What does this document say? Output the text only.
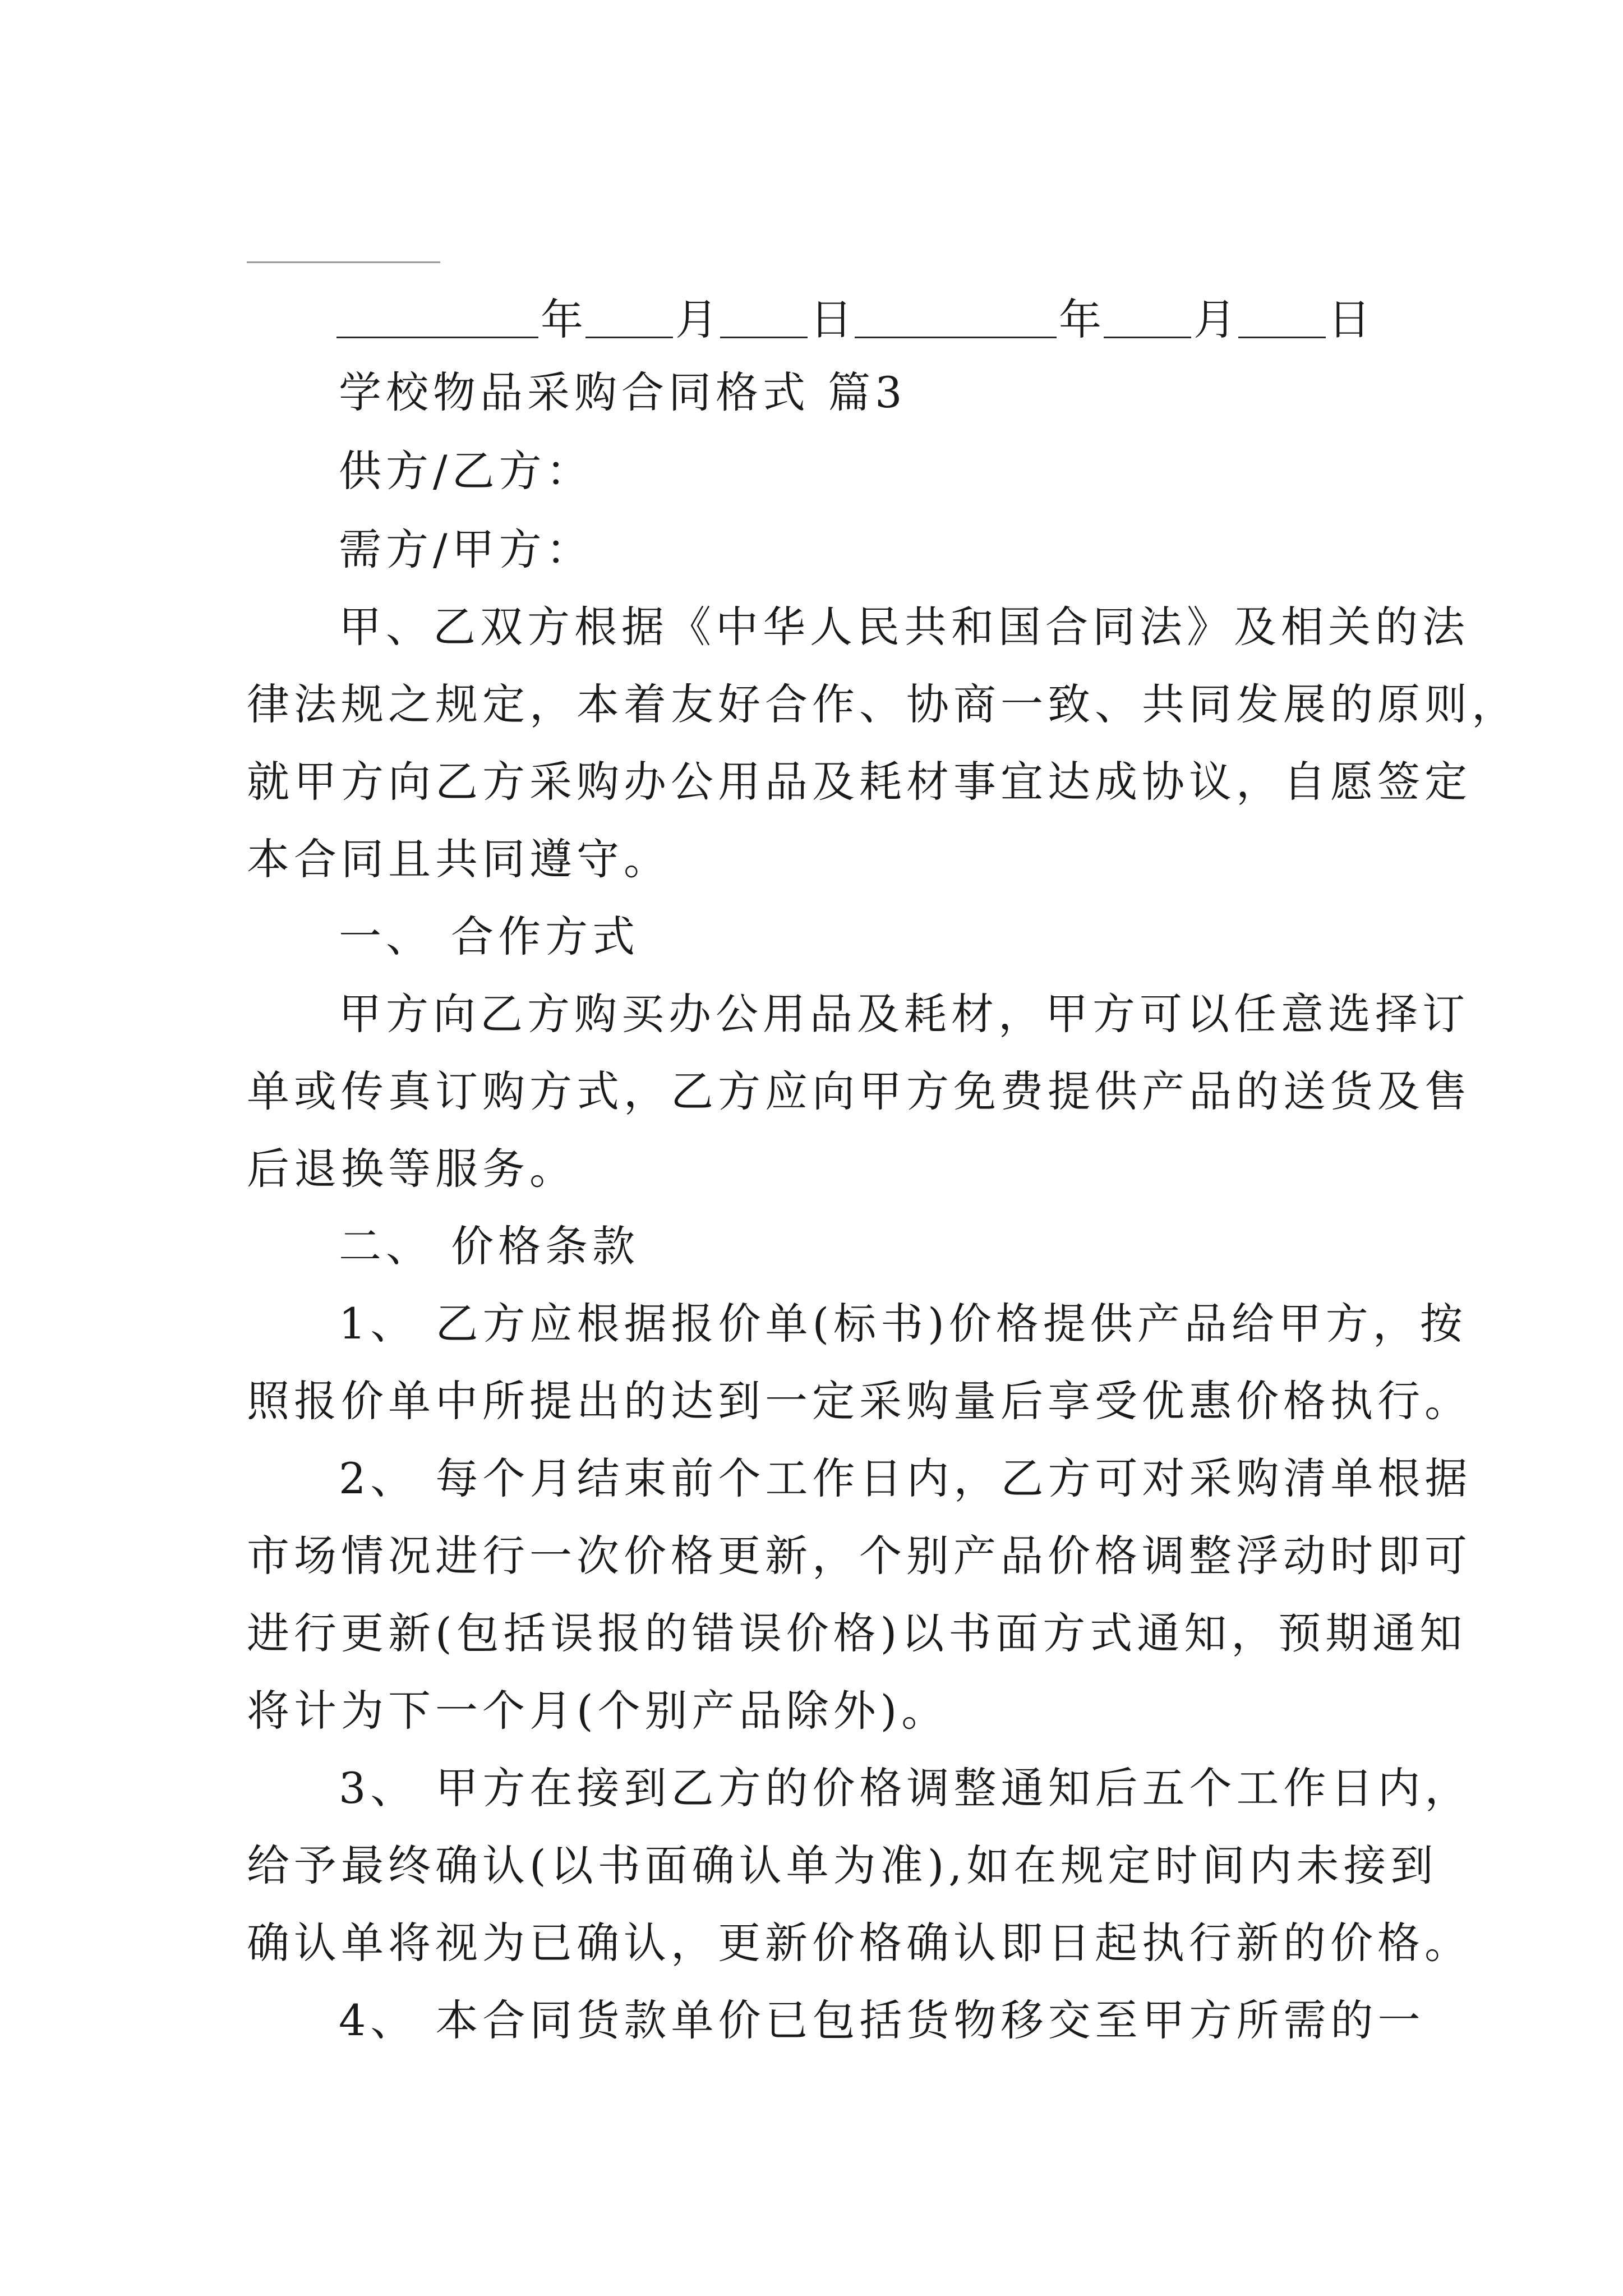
年 月 日	年 月 日
学校物品采购合同格式 篇3
供方/乙方：
需方/甲方：
甲、乙双方根据《中华人民共和国合同法》及相关的法
律法规之规定，本着友好合作、协商一致、共同发展的原则，
就甲方向乙方采购办公用品及耗材事宜达成协议，自愿签定
本合同且共同遵守。
一、 合作方式
甲方向乙方购买办公用品及耗材，甲方可以任意选择订
单或传真订购方式，乙方应向甲方免费提供产品的送货及售
后退换等服务。
二、 价格条款
1、 乙方应根据报价单(标书)价格提供产品给甲方，按
照报价单中所提出的达到一定采购量后享受优惠价格执行。
2、 每个月结束前个工作日内，乙方可对采购清单根据
市场情况进行一次价格更新，个别产品价格调整浮动时即可
进行更新(包括误报的错误价格)以书面方式通知，预期通知
将计为下一个月(个别产品除外)。
3、 甲方在接到乙方的价格调整通知后五个工作日内，
给予最终确认(以书面确认单为准),如在规定时间内未接到
确认单将视为已确认，更新价格确认即日起执行新的价格。
4、 本合同货款单价已包括货物移交至甲方所需的一
